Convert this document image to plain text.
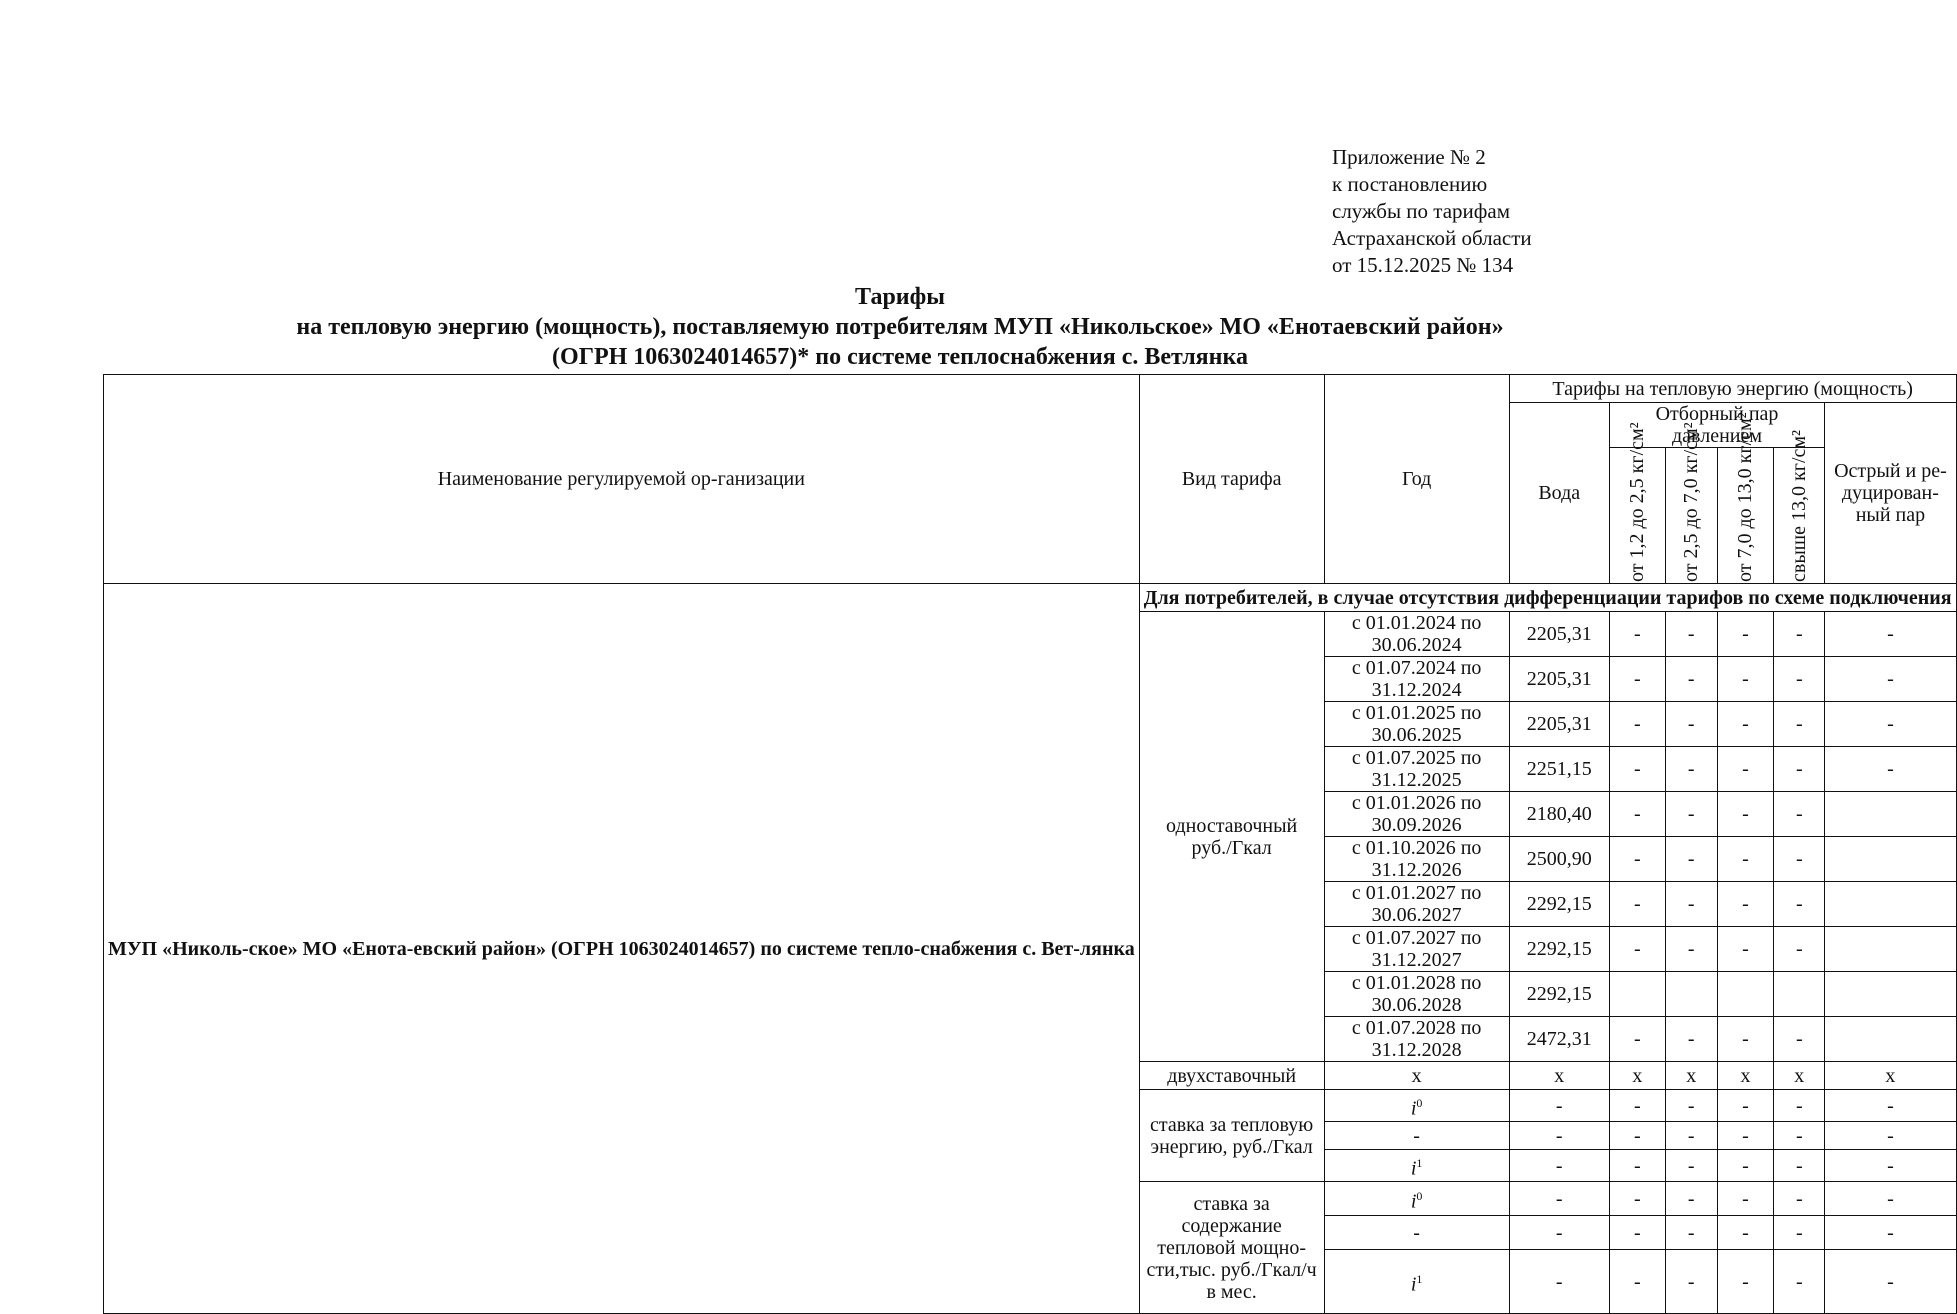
Приложение № 2
к постановлению
службы по тарифам
Астраханской области
от 15.12.2025 № 134
Тарифы
на тепловую энергию (мощность), поставляемую потребителям МУП «Никольское» МО «Енотаевский район»
(ОГРН 1063024014657)* по системе теплоснабжения с. Ветлянка
Наименование регулируемой ор-ганизации	Вид тарифа	Год	Тарифы на тепловую энергию (мощность)					
			Вода	Отборный пар давлением				Острый и ре-дуцирован-ный пар

				от 1,2 до 2,5 кг/см²	от 2,5 до 7,0 кг/см²	от 7,0 до 13,0 кг/см²	свыше 13,0 кг/см²	

МУП «Николь-ское» МО «Енота-евский район» (ОГРН 1063024014657) по системе тепло-снабжения с. Вет-лянка	Для потребителей, в случае отсутствия дифференциации тарифов по схеме подключения							
	одноставочный руб./Гкал	с 01.01.2024 по 30.06.2024	2205,31	-	-	-	-	-
		с 01.07.2024 по 31.12.2024	2205,31	-	-	-	-	-
		с 01.01.2025 по 30.06.2025	2205,31	-	-	-	-	-
		с 01.07.2025 по 31.12.2025	2251,15	-	-	-	-	-
		с 01.01.2026 по 30.09.2026	2180,40	-	-	-	-	
		с 01.10.2026 по 31.12.2026	2500,90	-	-	-	-	
		с 01.01.2027 по 30.06.2027	2292,15	-	-	-	-	
		с 01.07.2027 по 31.12.2027	2292,15	-	-	-	-	
		с 01.01.2028 по 30.06.2028	2292,15					
		с 01.07.2028 по 31.12.2028	2472,31	-	-	-	-	
	двухставочный	x	x	x	x	x	x	x
	ставка за тепловую энергию, руб./Гкал	$i^0$	-	-	-	-	-	-
		-	-	-	-	-	-	-
		$i^1$	-	-	-	-	-	-
	ставка за содержание тепловой мощно-сти,тыс. руб./Гкал/ч в мес.	$i^0$	-	-	-	-	-	-
		-	-	-	-	-	-	-
		$i^1$	-	-	-	-	-	-
